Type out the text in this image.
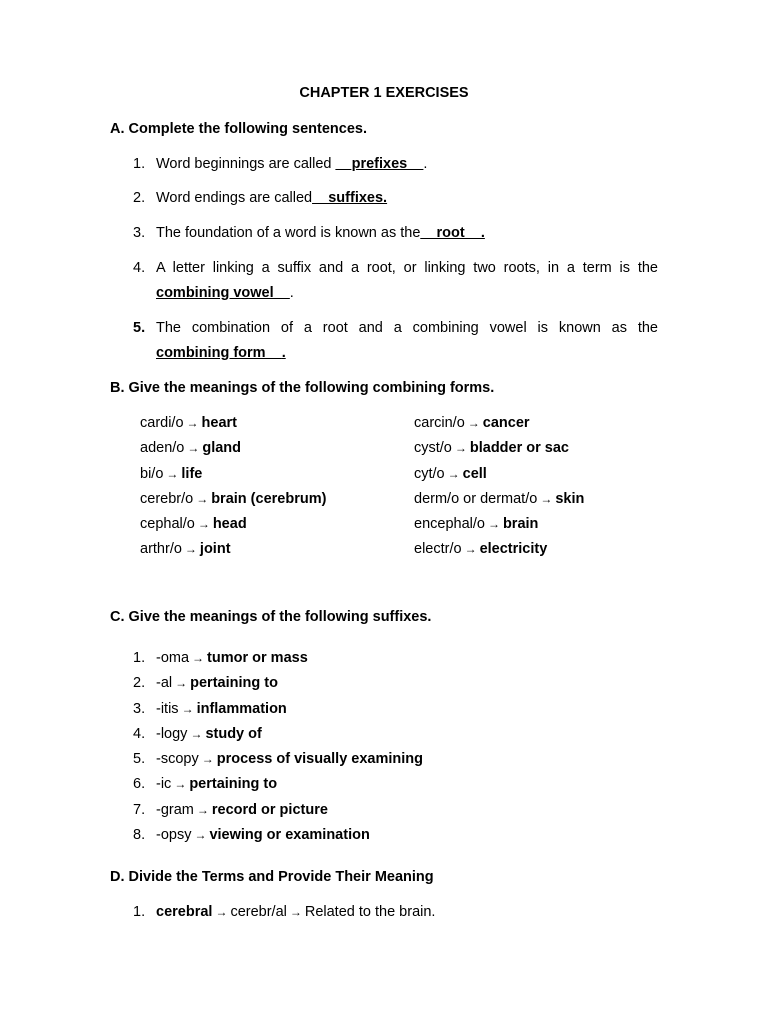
CHAPTER 1 EXERCISES
A. Complete the following sentences.
1. Word beginnings are called __prefixes__.
2. Word endings are called__suffixes.
3. The foundation of a word is known as the__root__.
4. A letter linking a suffix and a root, or linking two roots, in a term is the
combining vowel__.
5. The combination of a root and a combining vowel is known as the
combining form__.
B. Give the meanings of the following combining forms.
cardi/o → heart
aden/o → gland
bi/o → life
cerebr/o → brain (cerebrum)
cephal/o → head
arthr/o → joint
carcin/o → cancer
cyst/o → bladder or sac
cyt/o → cell
derm/o or dermat/o → skin
encephal/o → brain
electr/o → electricity
C. Give the meanings of the following suffixes.
1. -oma → tumor or mass
2. -al → pertaining to
3. -itis → inflammation
4. -logy → study of
5. -scopy → process of visually examining
6. -ic → pertaining to
7. -gram → record or picture
8. -opsy → viewing or examination
D. Divide the Terms and Provide Their Meaning
1. cerebral → cerebr/al → Related to the brain.
